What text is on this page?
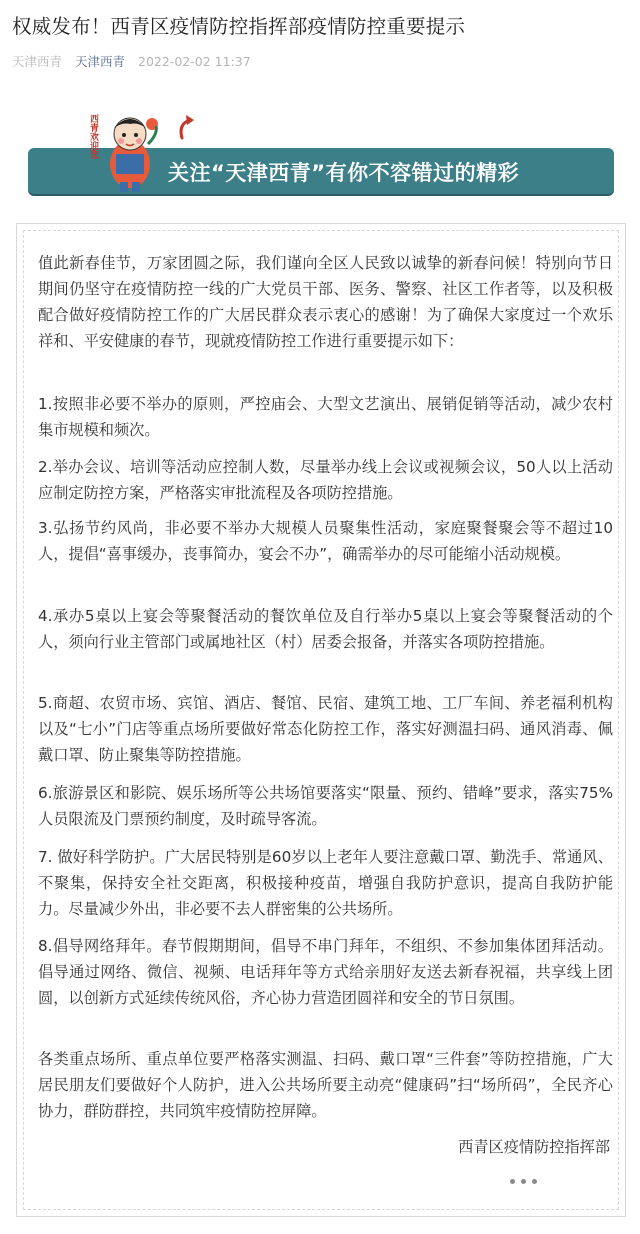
权威发布！西青区疫情防控指挥部疫情防控重要提示
天津西青 天津西青 2022-02-02 11:37
关注“天津西青”有你不容错过的精彩
西青欢迎您
值此新春佳节，万家团圆之际，我们谨向全区人民致以诚挚的新春问候！特别向节日期间仍坚守在疫情防控一线的广大党员干部、医务、警察、社区工作者等，以及积极配合做好疫情防控工作的广大居民群众表示衷心的感谢！为了确保大家度过一个欢乐祥和、平安健康的春节，现就疫情防控工作进行重要提示如下：
1.按照非必要不举办的原则，严控庙会、大型文艺演出、展销促销等活动，减少农村集市规模和频次。
2.举办会议、培训等活动应控制人数，尽量举办线上会议或视频会议，50人以上活动应制定防控方案，严格落实审批流程及各项防控措施。
3.弘扬节约风尚，非必要不举办大规模人员聚集性活动，家庭聚餐聚会等不超过10人，提倡“喜事缓办，丧事简办，宴会不办”，确需举办的尽可能缩小活动规模。
4.承办5桌以上宴会等聚餐活动的餐饮单位及自行举办5桌以上宴会等聚餐活动的个人，须向行业主管部门或属地社区（村）居委会报备，并落实各项防控措施。
5.商超、农贸市场、宾馆、酒店、餐馆、民宿、建筑工地、工厂车间、养老福利机构以及“七小”门店等重点场所要做好常态化防控工作，落实好测温扫码、通风消毒、佩戴口罩、防止聚集等防控措施。
6.旅游景区和影院、娱乐场所等公共场馆要落实“限量、预约、错峰”要求，落实75%人员限流及门票预约制度，及时疏导客流。
7. 做好科学防护。广大居民特别是60岁以上老年人要注意戴口罩、勤洗手、常通风、不聚集，保持安全社交距离，积极接种疫苗，增强自我防护意识，提高自我防护能力。尽量减少外出，非必要不去人群密集的公共场所。
8.倡导网络拜年。春节假期期间，倡导不串门拜年，不组织、不参加集体团拜活动。倡导通过网络、微信、视频、电话拜年等方式给亲朋好友送去新春祝福，共享线上团圆，以创新方式延续传统风俗，齐心协力营造团圆祥和安全的节日氛围。
各类重点场所、重点单位要严格落实测温、扫码、戴口罩“三件套”等防控措施，广大居民朋友们要做好个人防护，进入公共场所要主动亮“健康码”扫“场所码”，全民齐心协力，群防群控，共同筑牢疫情防控屏障。
西青区疫情防控指挥部
